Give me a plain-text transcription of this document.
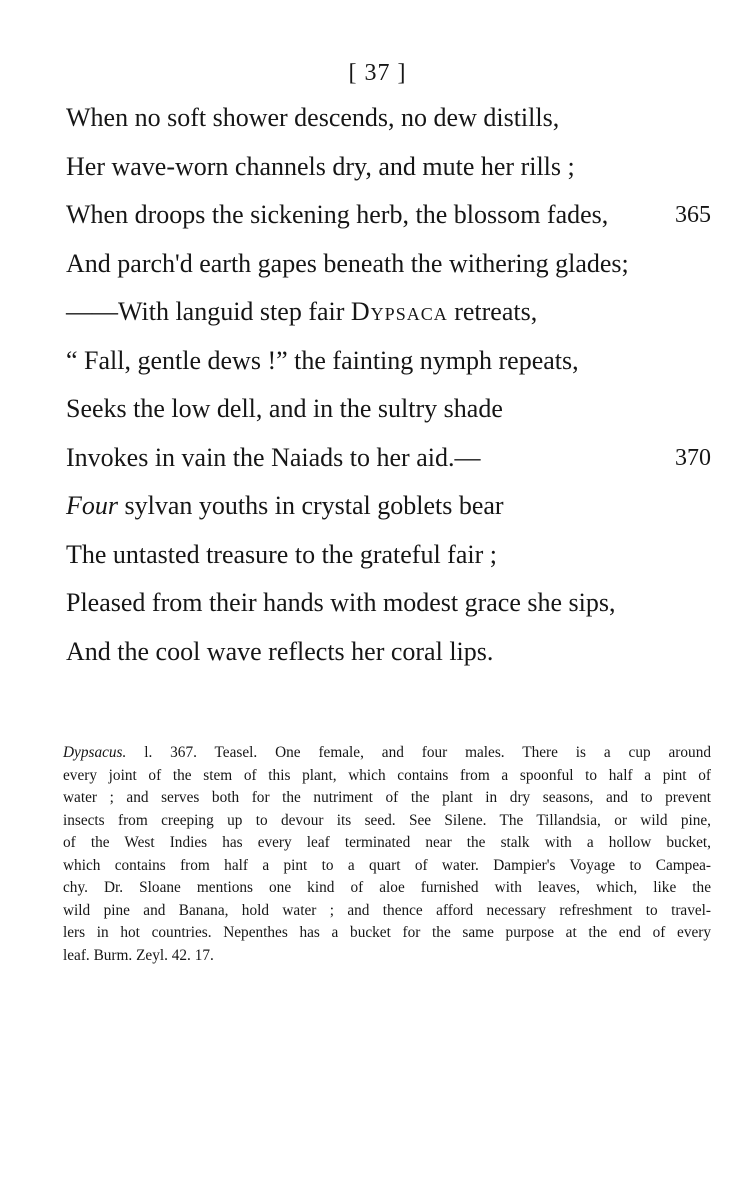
[ 37 ]
When no soft shower descends, no dew distills,
Her wave-worn channels dry, and mute her rills ;
When droops the sickening herb, the blossom fades,	365
And parch'd earth gapes beneath the withering glades;
——With languid step fair Dypsaca retreats,
“ Fall, gentle dews !” the fainting nymph repeats,
Seeks the low dell, and in the sultry shade
Invokes in vain the Naiads to her aid.—	370
Four sylvan youths in crystal goblets bear
The untasted treasure to the grateful fair ;
Pleased from their hands with modest grace she sips,
And the cool wave reflects her coral lips.
Dypsacus. l. 367. Teasel. One female, and four males. There is a cup around
every joint of the stem of this plant, which contains from a spoonful to half a pint of
water ; and serves both for the nutriment of the plant in dry seasons, and to prevent
insects from creeping up to devour its seed. See Silene. The Tillandsia, or wild pine,
of the West Indies has every leaf terminated near the stalk with a hollow bucket,
which contains from half a pint to a quart of water. Dampier's Voyage to Campea-
chy. Dr. Sloane mentions one kind of aloe furnished with leaves, which, like the
wild pine and Banana, hold water ; and thence afford necessary refreshment to travel-
lers in hot countries. Nepenthes has a bucket for the same purpose at the end of every
leaf. Burm. Zeyl. 42. 17.
